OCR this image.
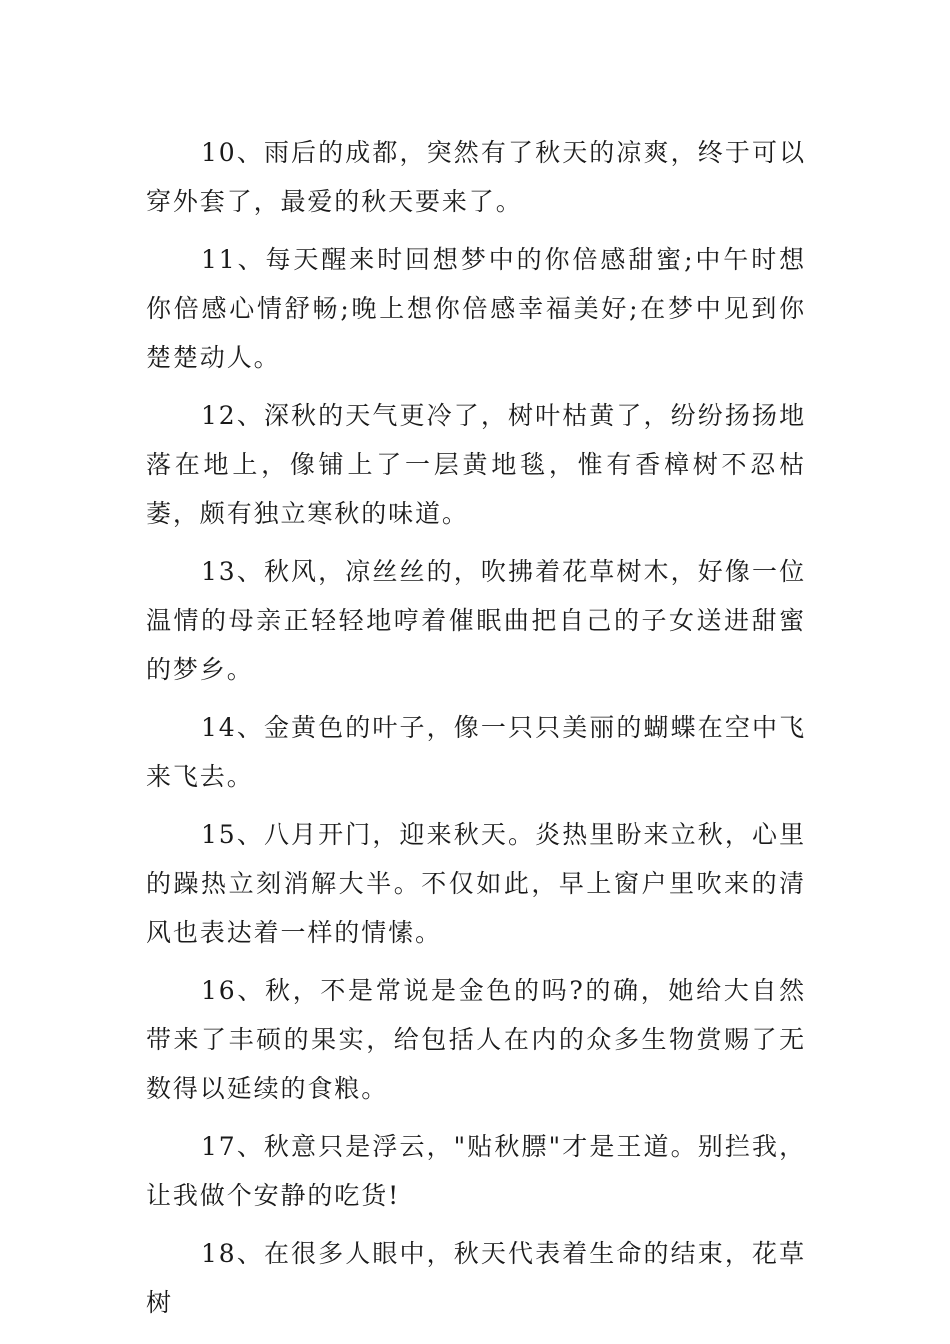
10、雨后的成都，突然有了秋天的凉爽，终于可以穿外套了，最爱的秋天要来了。

11、每天醒来时回想梦中的你倍感甜蜜;中午时想你倍感心情舒畅;晚上想你倍感幸福美好;在梦中见到你楚楚动人。

12、深秋的天气更冷了，树叶枯黄了，纷纷扬扬地落在地上，像铺上了一层黄地毯，惟有香樟树不忍枯萎，颇有独立寒秋的味道。

13、秋风，凉丝丝的，吹拂着花草树木，好像一位温情的母亲正轻轻地哼着催眠曲把自己的子女送进甜蜜的梦乡。

14、金黄色的叶子，像一只只美丽的蝴蝶在空中飞来飞去。

15、八月开门，迎来秋天。炎热里盼来立秋，心里的躁热立刻消解大半。不仅如此，早上窗户里吹来的清风也表达着一样的情愫。

16、秋，不是常说是金色的吗?的确，她给大自然带来了丰硕的果实，给包括人在内的众多生物赏赐了无数得以延续的食粮。

17、秋意只是浮云，"贴秋膘"才是王道。别拦我，让我做个安静的吃货!

18、在很多人眼中，秋天代表着生命的结束，花草树
